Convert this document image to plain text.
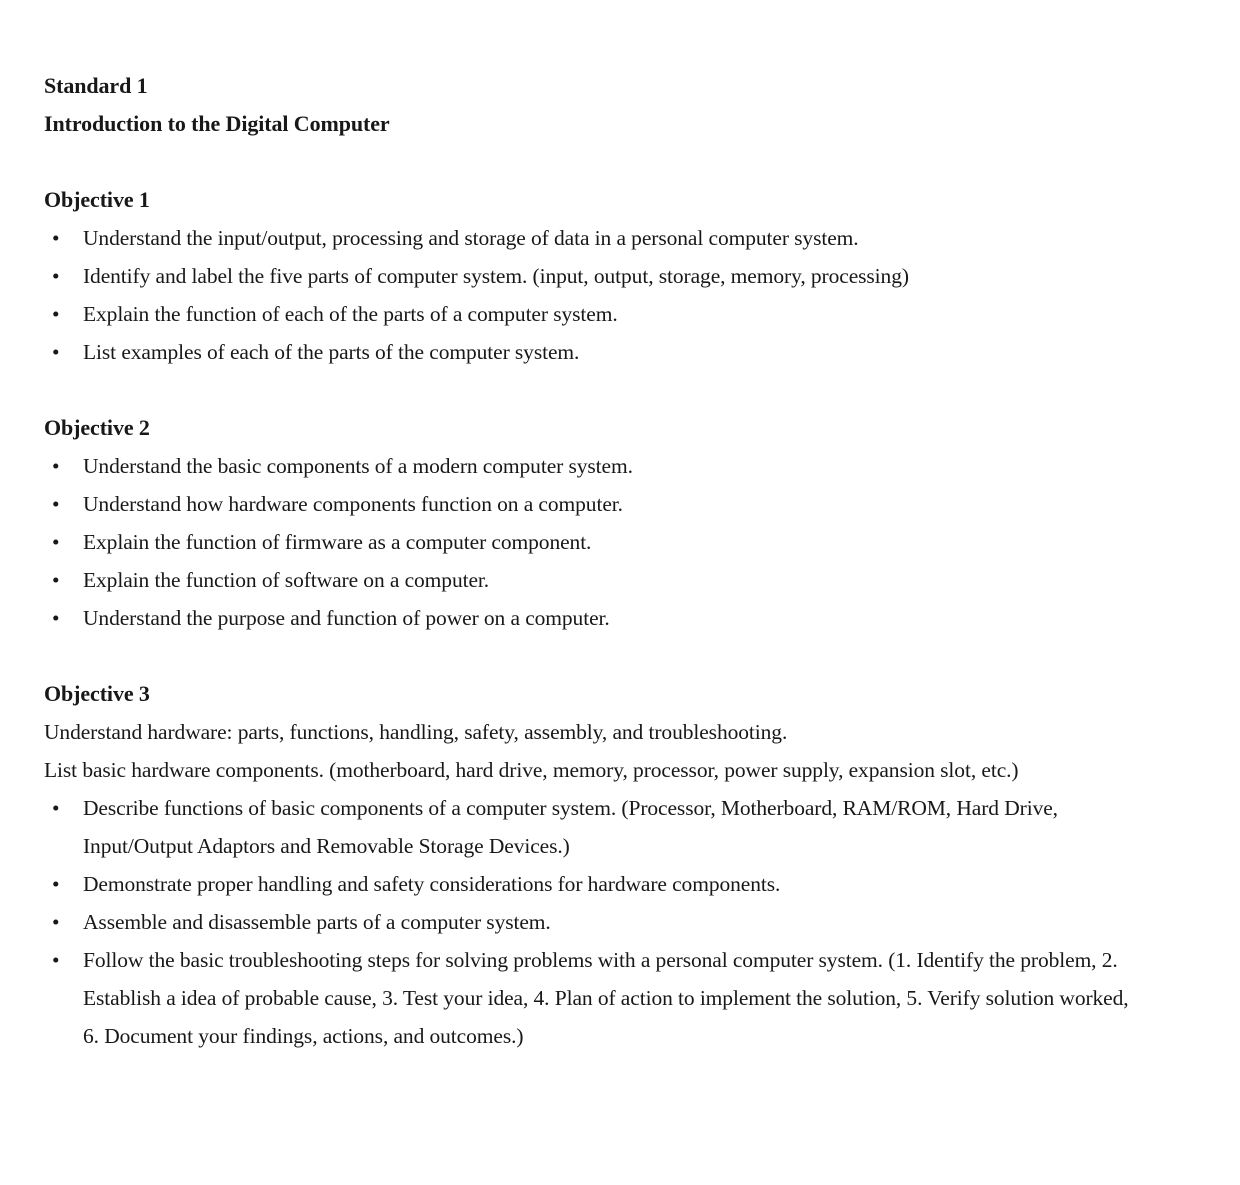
Standard 1
Introduction to the Digital Computer
Objective 1
• Understand the input/output, processing and storage of data in a personal computer system.
• Identify and label the five parts of computer system. (input, output, storage, memory, processing)
• Explain the function of each of the parts of a computer system.
• List examples of each of the parts of the computer system.
Objective 2
• Understand the basic components of a modern computer system.
• Understand how hardware components function on a computer.
• Explain the function of firmware as a computer component.
• Explain the function of software on a computer.
• Understand the purpose and function of power on a computer.
Objective 3

Understand hardware: parts, functions, handling, safety, assembly, and troubleshooting.

List basic hardware components. (motherboard, hard drive, memory, processor, power supply, expansion slot, etc.)

• Describe functions of basic components of a computer system. (Processor, Motherboard, RAM/ROM, Hard Drive, Input/Output Adaptors and Removable Storage Devices.)
• Demonstrate proper handling and safety considerations for hardware components.
• Assemble and disassemble parts of a computer system.
• Follow the basic troubleshooting steps for solving problems with a personal computer system. (1. Identify the problem, 2. Establish a idea of probable cause, 3. Test your idea, 4. Plan of action to implement the solution, 5. Verify solution worked, 6. Document your findings, actions, and outcomes.)
